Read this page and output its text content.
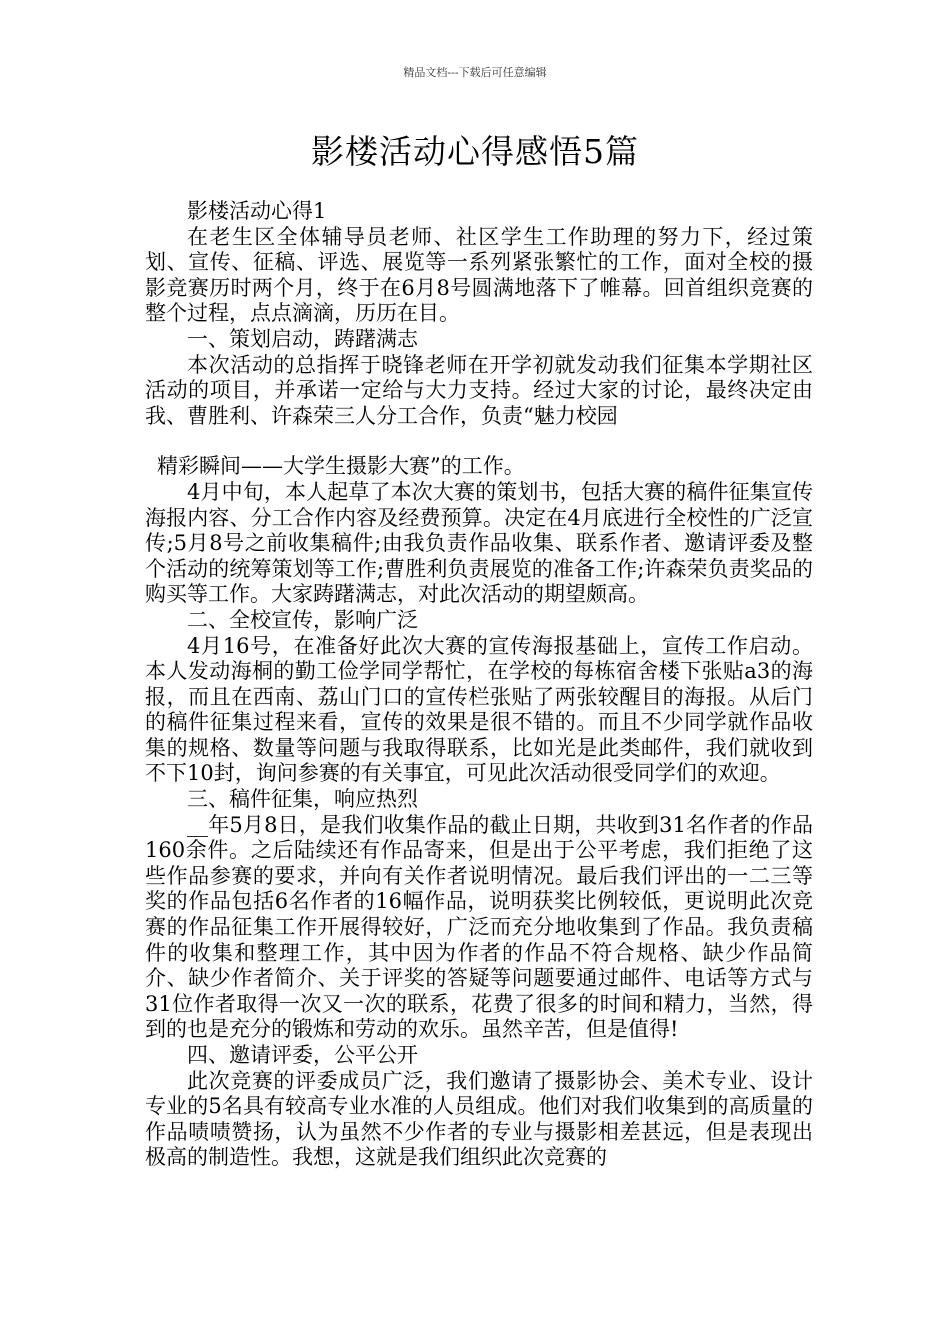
精品文档---下载后可任意编辑
影楼活动心得感悟5篇

影楼活动心得1

在老生区全体辅导员老师、社区学生工作助理的努力下，经过策划、宣传、征稿、评选、展览等一系列紧张繁忙的工作，面对全校的摄影竞赛历时两个月，终于在6月8号圆满地落下了帷幕。回首组织竞赛的整个过程，点点滴滴，历历在目。

一、策划启动，踌躇满志

本次活动的总指挥于晓锋老师在开学初就发动我们征集本学期社区活动的项目，并承诺一定给与大力支持。经过大家的讨论，最终决定由我、曹胜利、许森荣三人分工合作，负责“魅力校园

精彩瞬间——大学生摄影大赛”的工作。

4月中旬，本人起草了本次大赛的策划书，包括大赛的稿件征集宣传海报内容、分工合作内容及经费预算。决定在4月底进行全校性的广泛宣传;5月8号之前收集稿件;由我负责作品收集、联系作者、邀请评委及整个活动的统筹策划等工作;曹胜利负责展览的准备工作;许森荣负责奖品的购买等工作。大家踌躇满志，对此次活动的期望颇高。

二、全校宣传，影响广泛

4月16号，在准备好此次大赛的宣传海报基础上，宣传工作启动。本人发动海桐的勤工俭学同学帮忙，在学校的每栋宿舍楼下张贴a3的海报，而且在西南、荔山门口的宣传栏张贴了两张较醒目的海报。从后门的稿件征集过程来看，宣传的效果是很不错的。而且不少同学就作品收集的规格、数量等问题与我取得联系，比如光是此类邮件，我们就收到不下10封，询问参赛的有关事宜，可见此次活动很受同学们的欢迎。

三、稿件征集，响应热烈

__年5月8日，是我们收集作品的截止日期，共收到31名作者的作品160余件。之后陆续还有作品寄来，但是出于公平考虑，我们拒绝了这些作品参赛的要求，并向有关作者说明情况。最后我们评出的一二三等奖的作品包括6名作者的16幅作品，说明获奖比例较低，更说明此次竞赛的作品征集工作开展得较好，广泛而充分地收集到了作品。我负责稿件的收集和整理工作，其中因为作者的作品不符合规格、缺少作品简介、缺少作者简介、关于评奖的答疑等问题要通过邮件、电话等方式与31位作者取得一次又一次的联系，花费了很多的时间和精力，当然，得到的也是充分的锻炼和劳动的欢乐。虽然辛苦，但是值得!

四、邀请评委，公平公开

此次竞赛的评委成员广泛，我们邀请了摄影协会、美术专业、设计专业的5名具有较高专业水准的人员组成。他们对我们收集到的高质量的作品啧啧赞扬，认为虽然不少作者的专业与摄影相差甚远，但是表现出极高的制造性。我想，这就是我们组织此次竞赛的
